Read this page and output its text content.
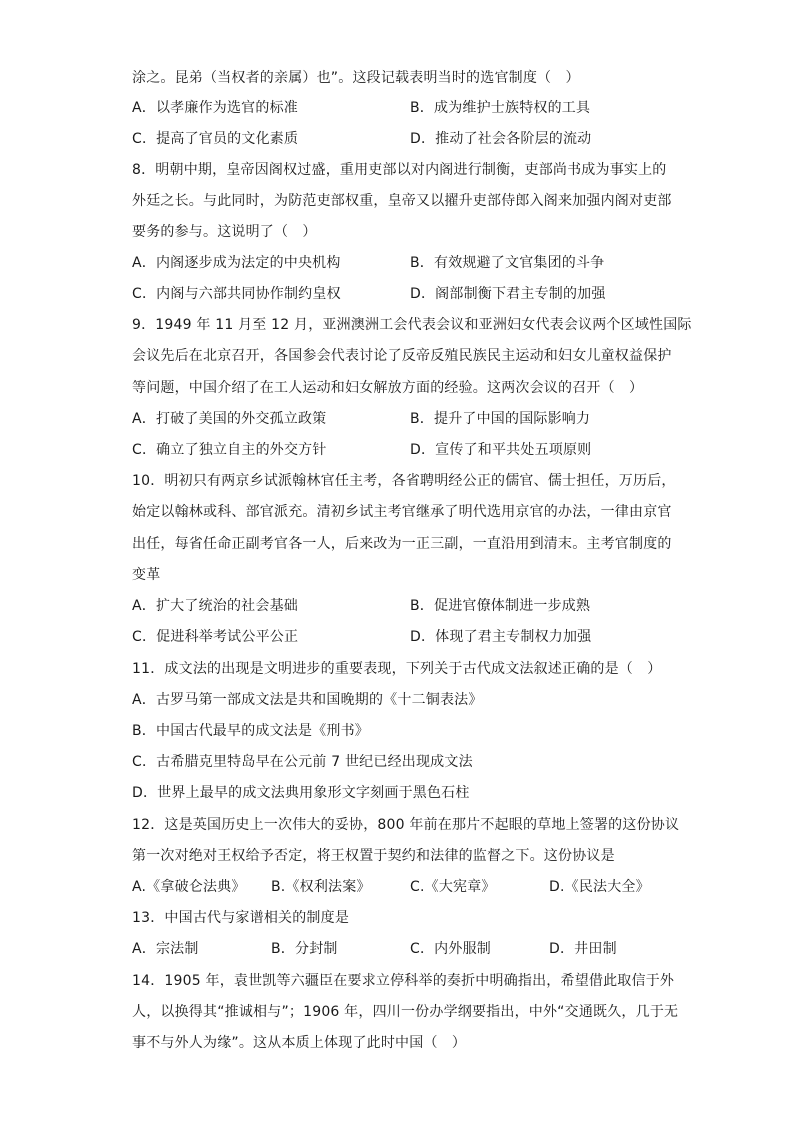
涂之。昆弟（当权者的亲属）也”。这段记载表明当时的选官制度（　）
A．以孝廉作为选官的标准	B．成为维护士族特权的工具
C．提高了官员的文化素质	D．推动了社会各阶层的流动
8．明朝中期，皇帝因阁权过盛，重用吏部以对内阁进行制衡，吏部尚书成为事实上的
外廷之长。与此同时，为防范吏部权重，皇帝又以擢升吏部侍郎入阁来加强内阁对吏部
要务的参与。这说明了（　）
A．内阁逐步成为法定的中央机构	B．有效规避了文官集团的斗争
C．内阁与六部共同协作制约皇权	D．阁部制衡下君主专制的加强
9．1949 年 11 月至 12 月，亚洲澳洲工会代表会议和亚洲妇女代表会议两个区域性国际
会议先后在北京召开，各国参会代表讨论了反帝反殖民族民主运动和妇女儿童权益保护
等问题，中国介绍了在工人运动和妇女解放方面的经验。这两次会议的召开（　）
A．打破了美国的外交孤立政策	B．提升了中国的国际影响力
C．确立了独立自主的外交方针	D．宣传了和平共处五项原则
10．明初只有两京乡试派翰林官任主考，各省聘明经公正的儒官、儒士担任，万历后，
始定以翰林或科、部官派充。清初乡试主考官继承了明代选用京官的办法，一律由京官
出任，每省任命正副考官各一人，后来改为一正三副，一直沿用到清末。主考官制度的
变革
A．扩大了统治的社会基础	B．促进官僚体制进一步成熟
C．促进科举考试公平公正	D．体现了君主专制权力加强
11．成文法的出现是文明进步的重要表现，下列关于古代成文法叙述正确的是（　）
A．古罗马第一部成文法是共和国晚期的《十二铜表法》
B．中国古代最早的成文法是《刑书》
C．古希腊克里特岛早在公元前 7 世纪已经出现成文法
D．世界上最早的成文法典用象形文字刻画于黑色石柱
12．这是英国历史上一次伟大的妥协，800 年前在那片不起眼的草地上签署的这份协议
第一次对绝对王权给予否定，将王权置于契约和法律的监督之下。这份协议是
A.《拿破仑法典》 B.《权利法案》	C.《大宪章》	D.《民法大全》
13．中国古代与家谱相关的制度是
A．宗法制	B．分封制	C．内外服制	D．井田制
14．1905 年，袁世凯等六疆臣在要求立停科举的奏折中明确指出，希望借此取信于外
人，以换得其“推诚相与”；1906 年，四川一份办学纲要指出，中外“交通既久，几于无
事不与外人为缘”。这从本质上体现了此时中国（　）
